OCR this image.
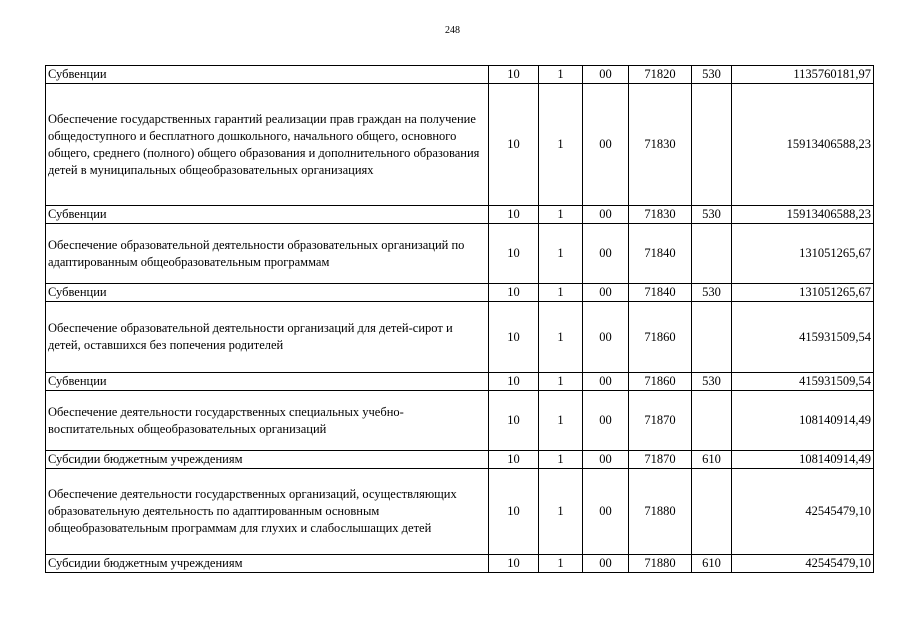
248
Субвенции	10	1	00	71820	530	1135760181,97
Обеспечение государственных гарантий реализации прав граждан на получение общедоступного и бесплатного дошкольного, начального общего, основного общего, среднего (полного) общего образования и дополнительного образования детей в муниципальных общеобразовательных организациях	10	1	00	71830		15913406588,23
Субвенции	10	1	00	71830	530	15913406588,23
Обеспечение образовательной деятельности образовательных организаций по адаптированным общеобразовательным программам	10	1	00	71840		131051265,67
Субвенции	10	1	00	71840	530	131051265,67
Обеспечение образовательной деятельности организаций для детей-сирот и детей, оставшихся без попечения родителей	10	1	00	71860		415931509,54
Субвенции	10	1	00	71860	530	415931509,54
Обеспечение деятельности государственных специальных учебно-воспитательных общеобразовательных организаций	10	1	00	71870		108140914,49
Субсидии бюджетным учреждениям	10	1	00	71870	610	108140914,49
Обеспечение деятельности государственных организаций, осуществляющих образовательную деятельность по адаптированным основным общеобразовательным программам для глухих и слабослышащих детей	10	1	00	71880		42545479,10
Субсидии бюджетным учреждениям	10	1	00	71880	610	42545479,10
